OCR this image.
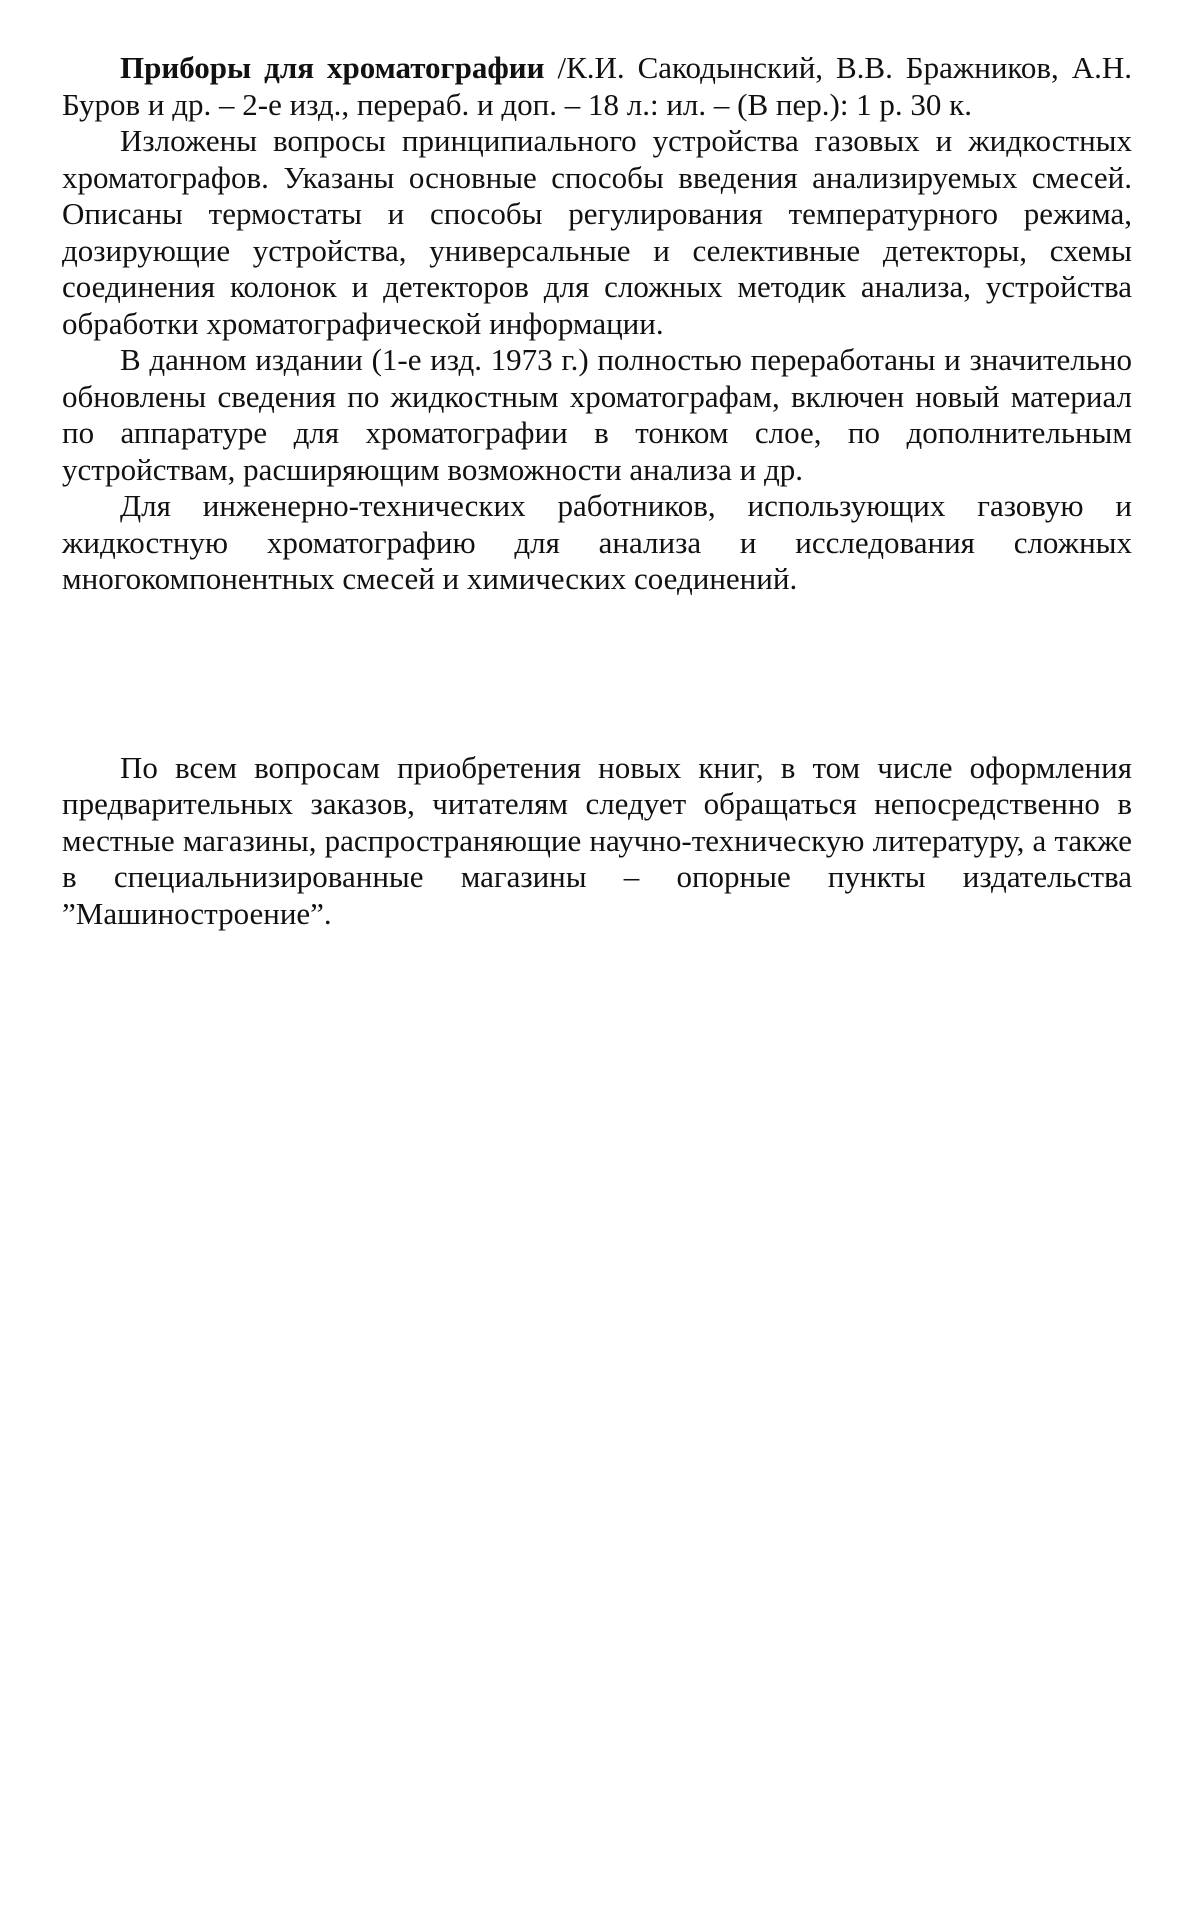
Приборы для хроматографии /К.И. Сакодынский, В.В. Бражников, А.Н. Буров и др. – 2-е изд., перераб. и доп. – 18 л.: ил. – (В пер.): 1 р. 30 к.

Изложены вопросы принципиального устройства газовых и жидкостных хроматографов. Указаны основные способы введения анализируемых смесей. Описаны термостаты и способы регулирования температурного режима, дозирующие устройства, универсальные и селективные детекторы, схемы соединения колонок и детекторов для сложных методик анализа, устройства обработки хроматографической информации.

В данном издании (1-е изд. 1973 г.) полностью переработаны и значительно обновлены сведения по жидкостным хроматографам, включен новый материал по аппаратуре для хроматографии в тонком слое, по дополнительным устройствам, расширяющим возможности анализа и др.

Для инженерно-технических работников, использующих газовую и жидкостную хроматографию для анализа и исследования сложных многокомпонентных смесей и химических соединений.

По всем вопросам приобретения новых книг, в том числе оформления предварительных заказов, читателям следует обращаться непосредственно в местные магазины, распространяющие научно-техническую литературу, а также в специальнизированные магазины – опорные пункты издательства ”Машиностроение”.
